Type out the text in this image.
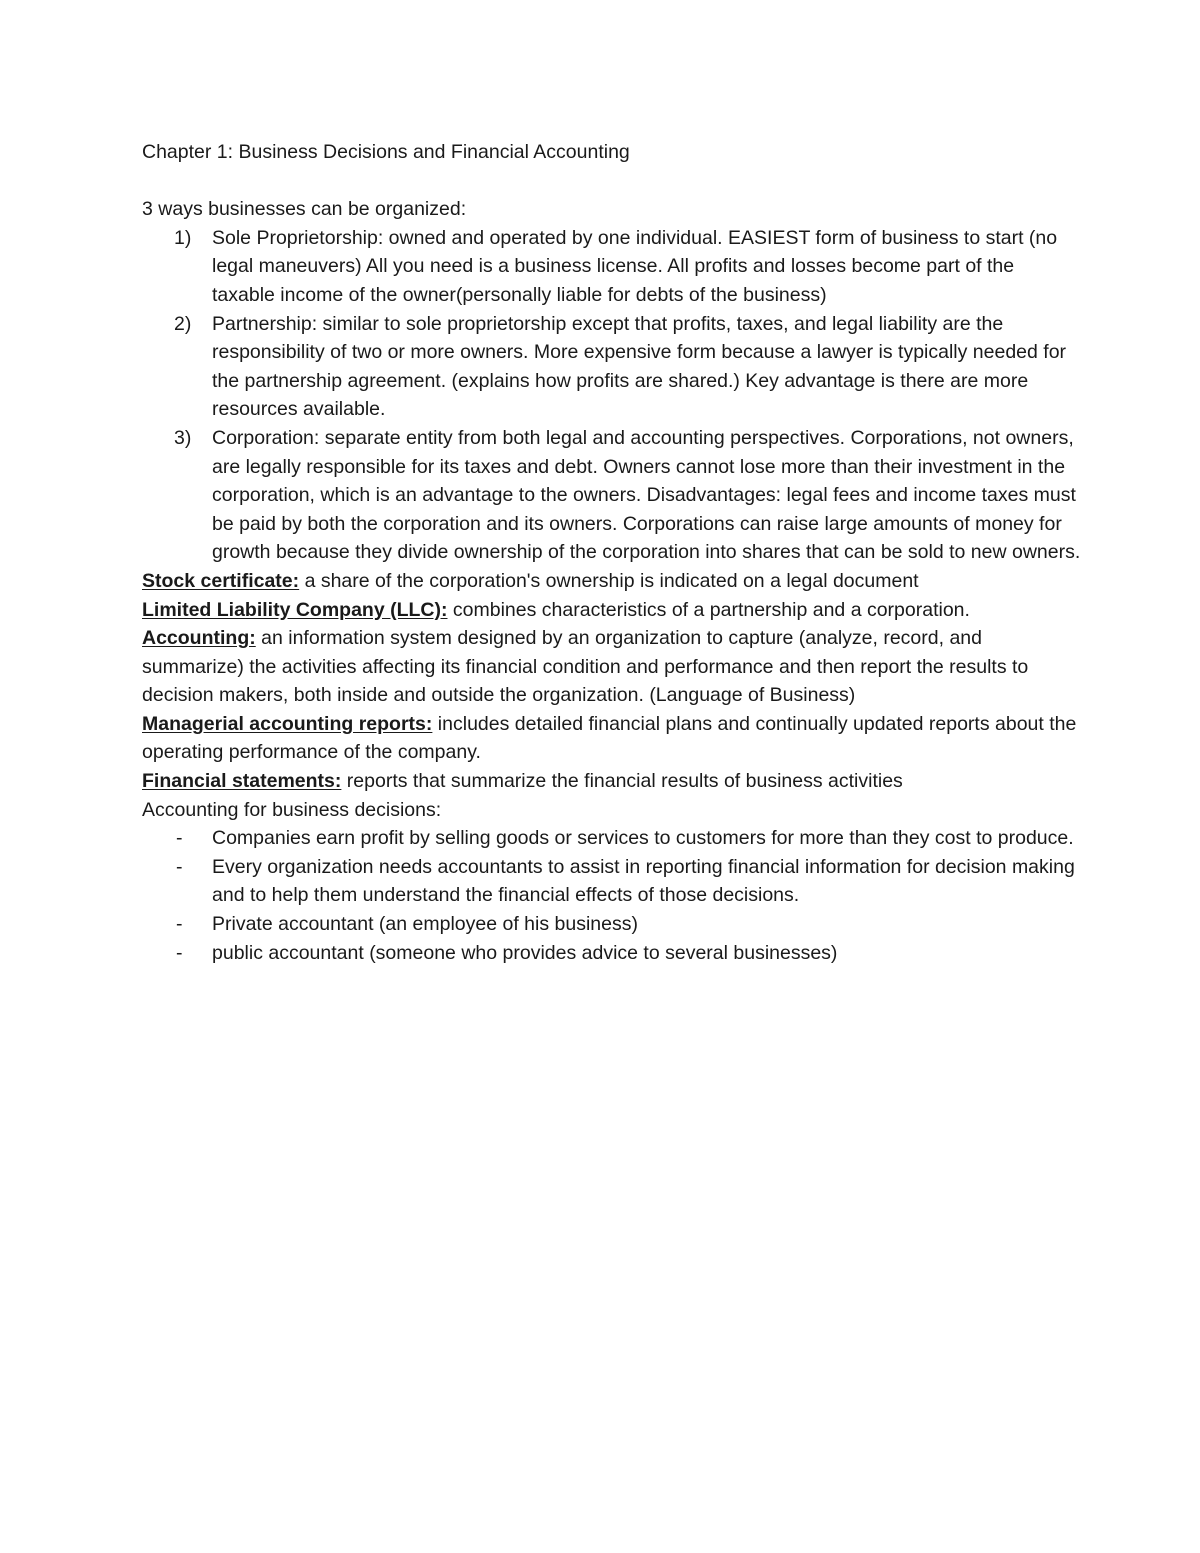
Chapter 1: Business Decisions and Financial Accounting

3 ways businesses can be organized:

1) Sole Proprietorship: owned and operated by one individual. EASIEST form of business to start (no legal maneuvers) All you need is a business license. All profits and losses become part of the taxable income of the owner(personally liable for debts of the business)
2) Partnership: similar to sole proprietorship except that profits, taxes, and legal liability are the responsibility of two or more owners. More expensive form because a lawyer is typically needed for the partnership agreement. (explains how profits are shared.) Key advantage is there are more resources available.
3) Corporation: separate entity from both legal and accounting perspectives. Corporations, not owners, are legally responsible for its taxes and debt. Owners cannot lose more than their investment in the corporation, which is an advantage to the owners. Disadvantages: legal fees and income taxes must be paid by both the corporation and its owners. Corporations can raise large amounts of money for growth because they divide ownership of the corporation into shares that can be sold to new owners.

Stock certificate: a share of the corporation's ownership is indicated on a legal document

Limited Liability Company (LLC): combines characteristics of a partnership and a corporation.

Accounting: an information system designed by an organization to capture (analyze, record, and summarize) the activities affecting its financial condition and performance and then report the results to decision makers, both inside and outside the organization. (Language of Business)

Managerial accounting reports: includes detailed financial plans and continually updated reports about the operating performance of the company.

Financial statements: reports that summarize the financial results of business activities

Accounting for business decisions:

- Companies earn profit by selling goods or services to customers for more than they cost to produce.
- Every organization needs accountants to assist in reporting financial information for decision making and to help them understand the financial effects of those decisions.
- Private accountant (an employee of his business)
- public accountant (someone who provides advice to several businesses)
